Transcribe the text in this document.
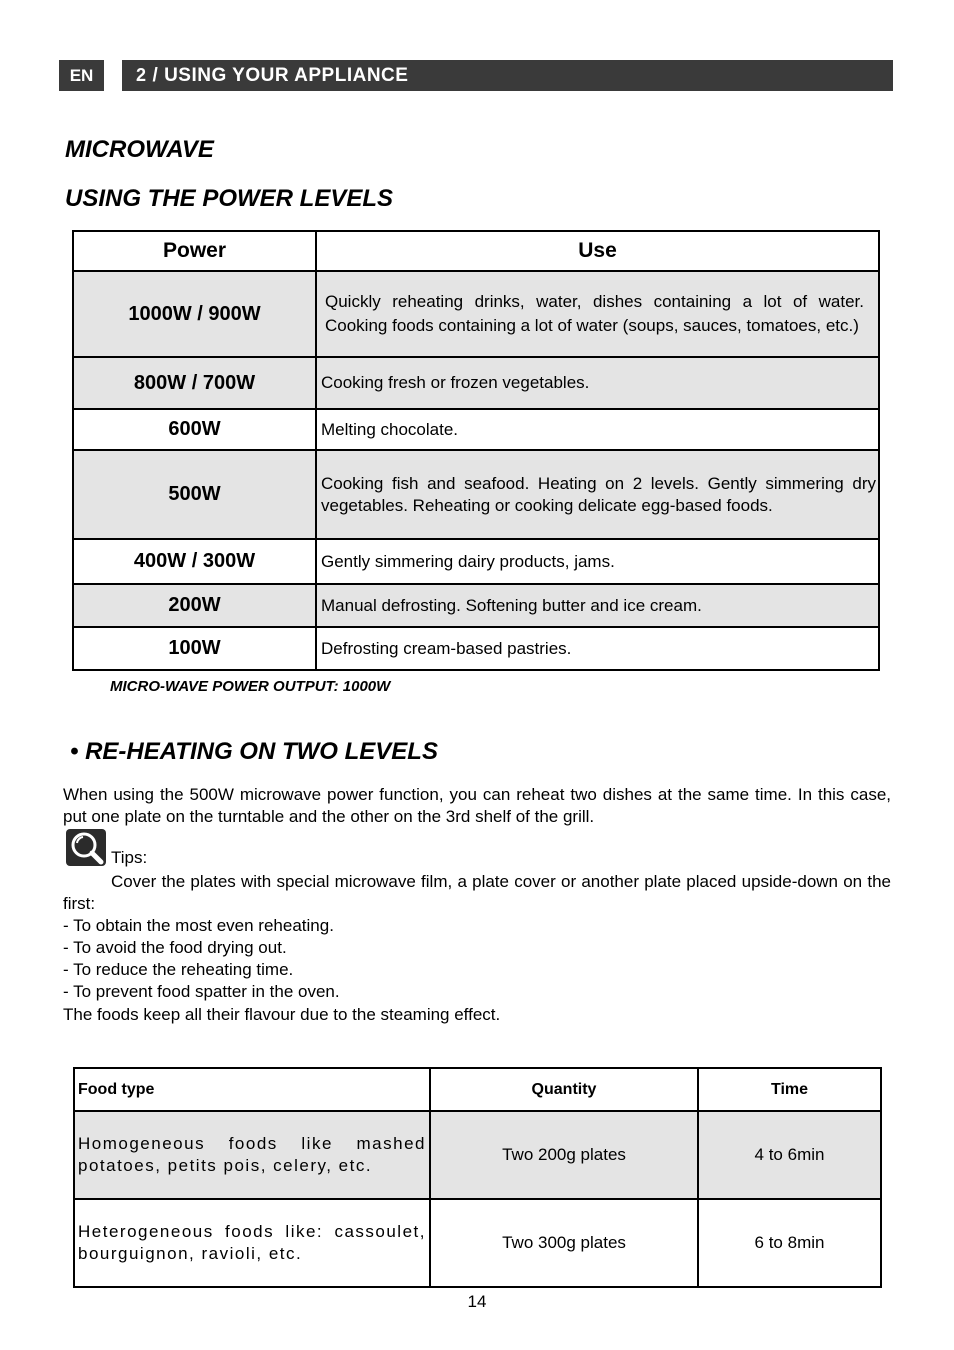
EN	2 / USING YOUR APPLIANCE
MICROWAVE
USING THE POWER LEVELS
Power	Use
1000W / 900W	Quickly reheating drinks, water, dishes containing a lot of water. Cooking foods containing a lot of water (soups, sauces, tomatoes, etc.)
800W / 700W	Cooking fresh or frozen vegetables.
600W	Melting chocolate.
500W	Cooking fish and seafood. Heating on 2 levels. Gently simmering dry vegetables. Reheating or cooking delicate egg-based foods.
400W / 300W	Gently simmering dairy products, jams.
200W	Manual defrosting. Softening butter and ice cream.
100W	Defrosting cream-based pastries.

MICRO-WAVE POWER OUTPUT: 1000W

• RE-HEATING ON TWO LEVELS

When using the 500W microwave power function, you can reheat two dishes at the same time. In this case, put one plate on the turntable and the other on the 3rd shelf of the grill.

Tips:

Cover the plates with special microwave film, a plate cover or another plate placed upside-down on the first:

- To obtain the most even reheating.
- To avoid the food drying out.
- To reduce the reheating time.
- To prevent food spatter in the oven.

The foods keep all their flavour due to the steaming effect.

Food type	Quantity	Time
Homogeneous foods like mashed potatoes, petits pois, celery, etc.	Two 200g plates	4 to 6min
Heterogeneous foods like: cassoulet, bourguignon, ravioli, etc.	Two 300g plates	6 to 8min
14
